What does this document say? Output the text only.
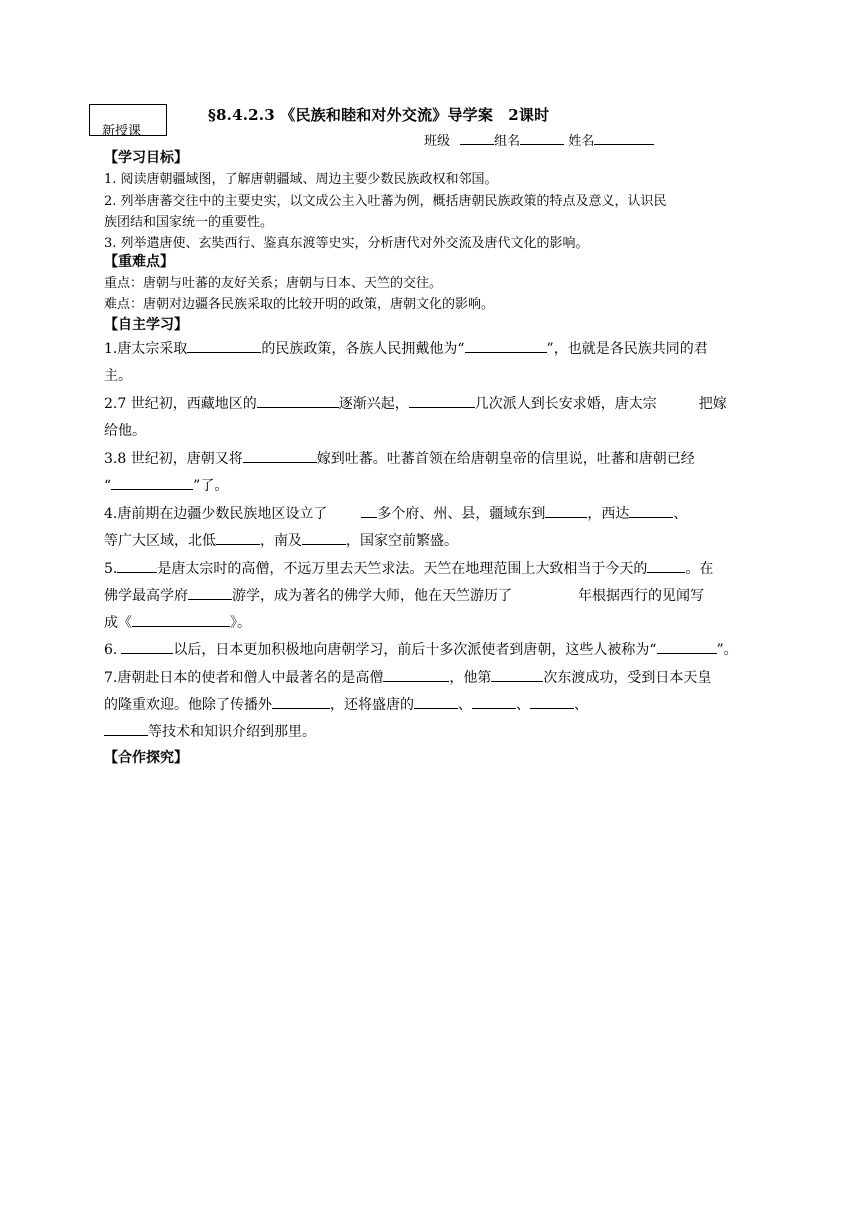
新授课
§8.4.2.3 《民族和睦和对外交流》导学案　2课时
班级	组名	姓名
【学习目标】
1. 阅读唐朝疆域图，了解唐朝疆域、周边主要少数民族政权和邻国。
2. 列举唐蕃交往中的主要史实，以文成公主入吐蕃为例，概括唐朝民族政策的特点及意义，认识民
族团结和国家统一的重要性。
3. 列举遣唐使、玄奘西行、鉴真东渡等史实，分析唐代对外交流及唐代文化的影响。
【重难点】
重点：唐朝与吐蕃的友好关系；唐朝与日本、天竺的交往。
难点：唐朝对边疆各民族采取的比较开明的政策，唐朝文化的影响。
【自主学习】
1.唐太宗采取	的民族政策，各族人民拥戴他为“	”，也就是各民族共同的君
主。
2.7 世纪初，西藏地区的	逐渐兴起，	几次派人到长安求婚，唐太宗	把嫁
给他。
3.8 世纪初，唐朝又将	嫁到吐蕃。吐蕃首领在给唐朝皇帝的信里说，吐蕃和唐朝已经
“	”了。
4.唐前期在边疆少数民族地区设立了	多个府、州、县，疆域东到	，西达	、
等广大区域，北低	，南及	，国家空前繁盛。
5.	是唐太宗时的高僧，不远万里去天竺求法。天竺在地理范围上大致相当于今天的	。在
佛学最高学府	游学，成为著名的佛学大师，他在天竺游历了	年根据西行的见闻写
成《	》。
6.	以后，日本更加积极地向唐朝学习，前后十多次派使者到唐朝，这些人被称为“	”。
7.唐朝赴日本的使者和僧人中最著名的是高僧	，他第	次东渡成功，受到日本天皇
的隆重欢迎。他除了传播外	，还将盛唐的	、	、	、
等技术和知识介绍到那里。
【合作探究】
